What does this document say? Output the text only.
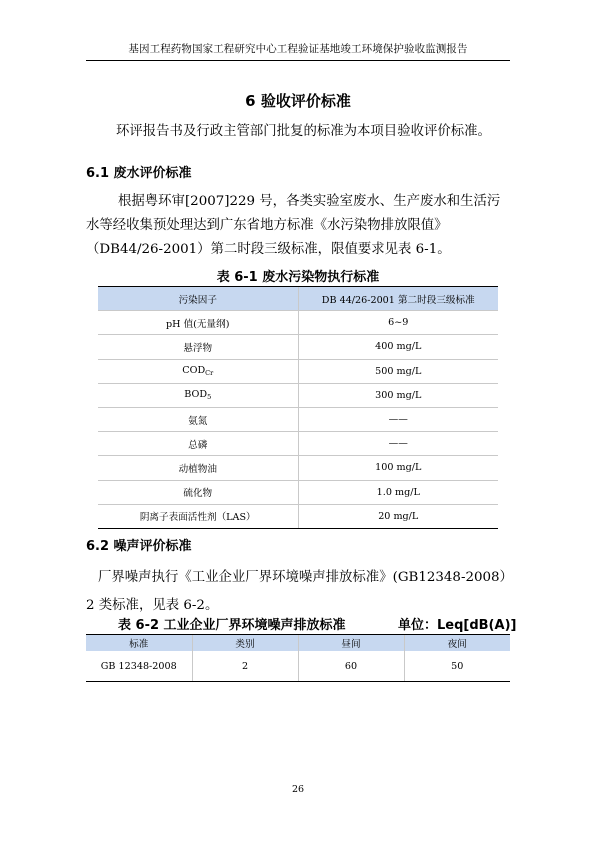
基因工程药物国家工程研究中心工程验证基地竣工环境保护验收监测报告
6 验收评价标准
环评报告书及行政主管部门批复的标准为本项目验收评价标准。
6.1 废水评价标准
根据粤环审[2007]229 号，各类实验室废水、生产废水和生活污
水等经收集预处理达到广东省地方标准《水污染物排放限值》
（DB44/26-2001）第二时段三级标准，限值要求见表 6-1。
表 6-1 废水污染物执行标准
污染因子	DB 44/26-2001 第二时段三级标准
pH 值(无量纲)	6~9
悬浮物	400 mg/L
$COD_{Cr}$	500 mg/L
$BOD_5$	300 mg/L
氨氮	——
总磷	——
动植物油	100 mg/L
硫化物	1.0 mg/L
阴离子表面活性剂（LAS）	20 mg/L
6.2 噪声评价标准
厂界噪声执行《工业企业厂界环境噪声排放标准》(GB12348-2008）
2 类标准，见表 6-2。
表 6-2 工业企业厂界环境噪声排放标准	单位：Leq[dB(A)]
标准	类别	昼间	夜间
GB 12348-2008	2	60	50
26
